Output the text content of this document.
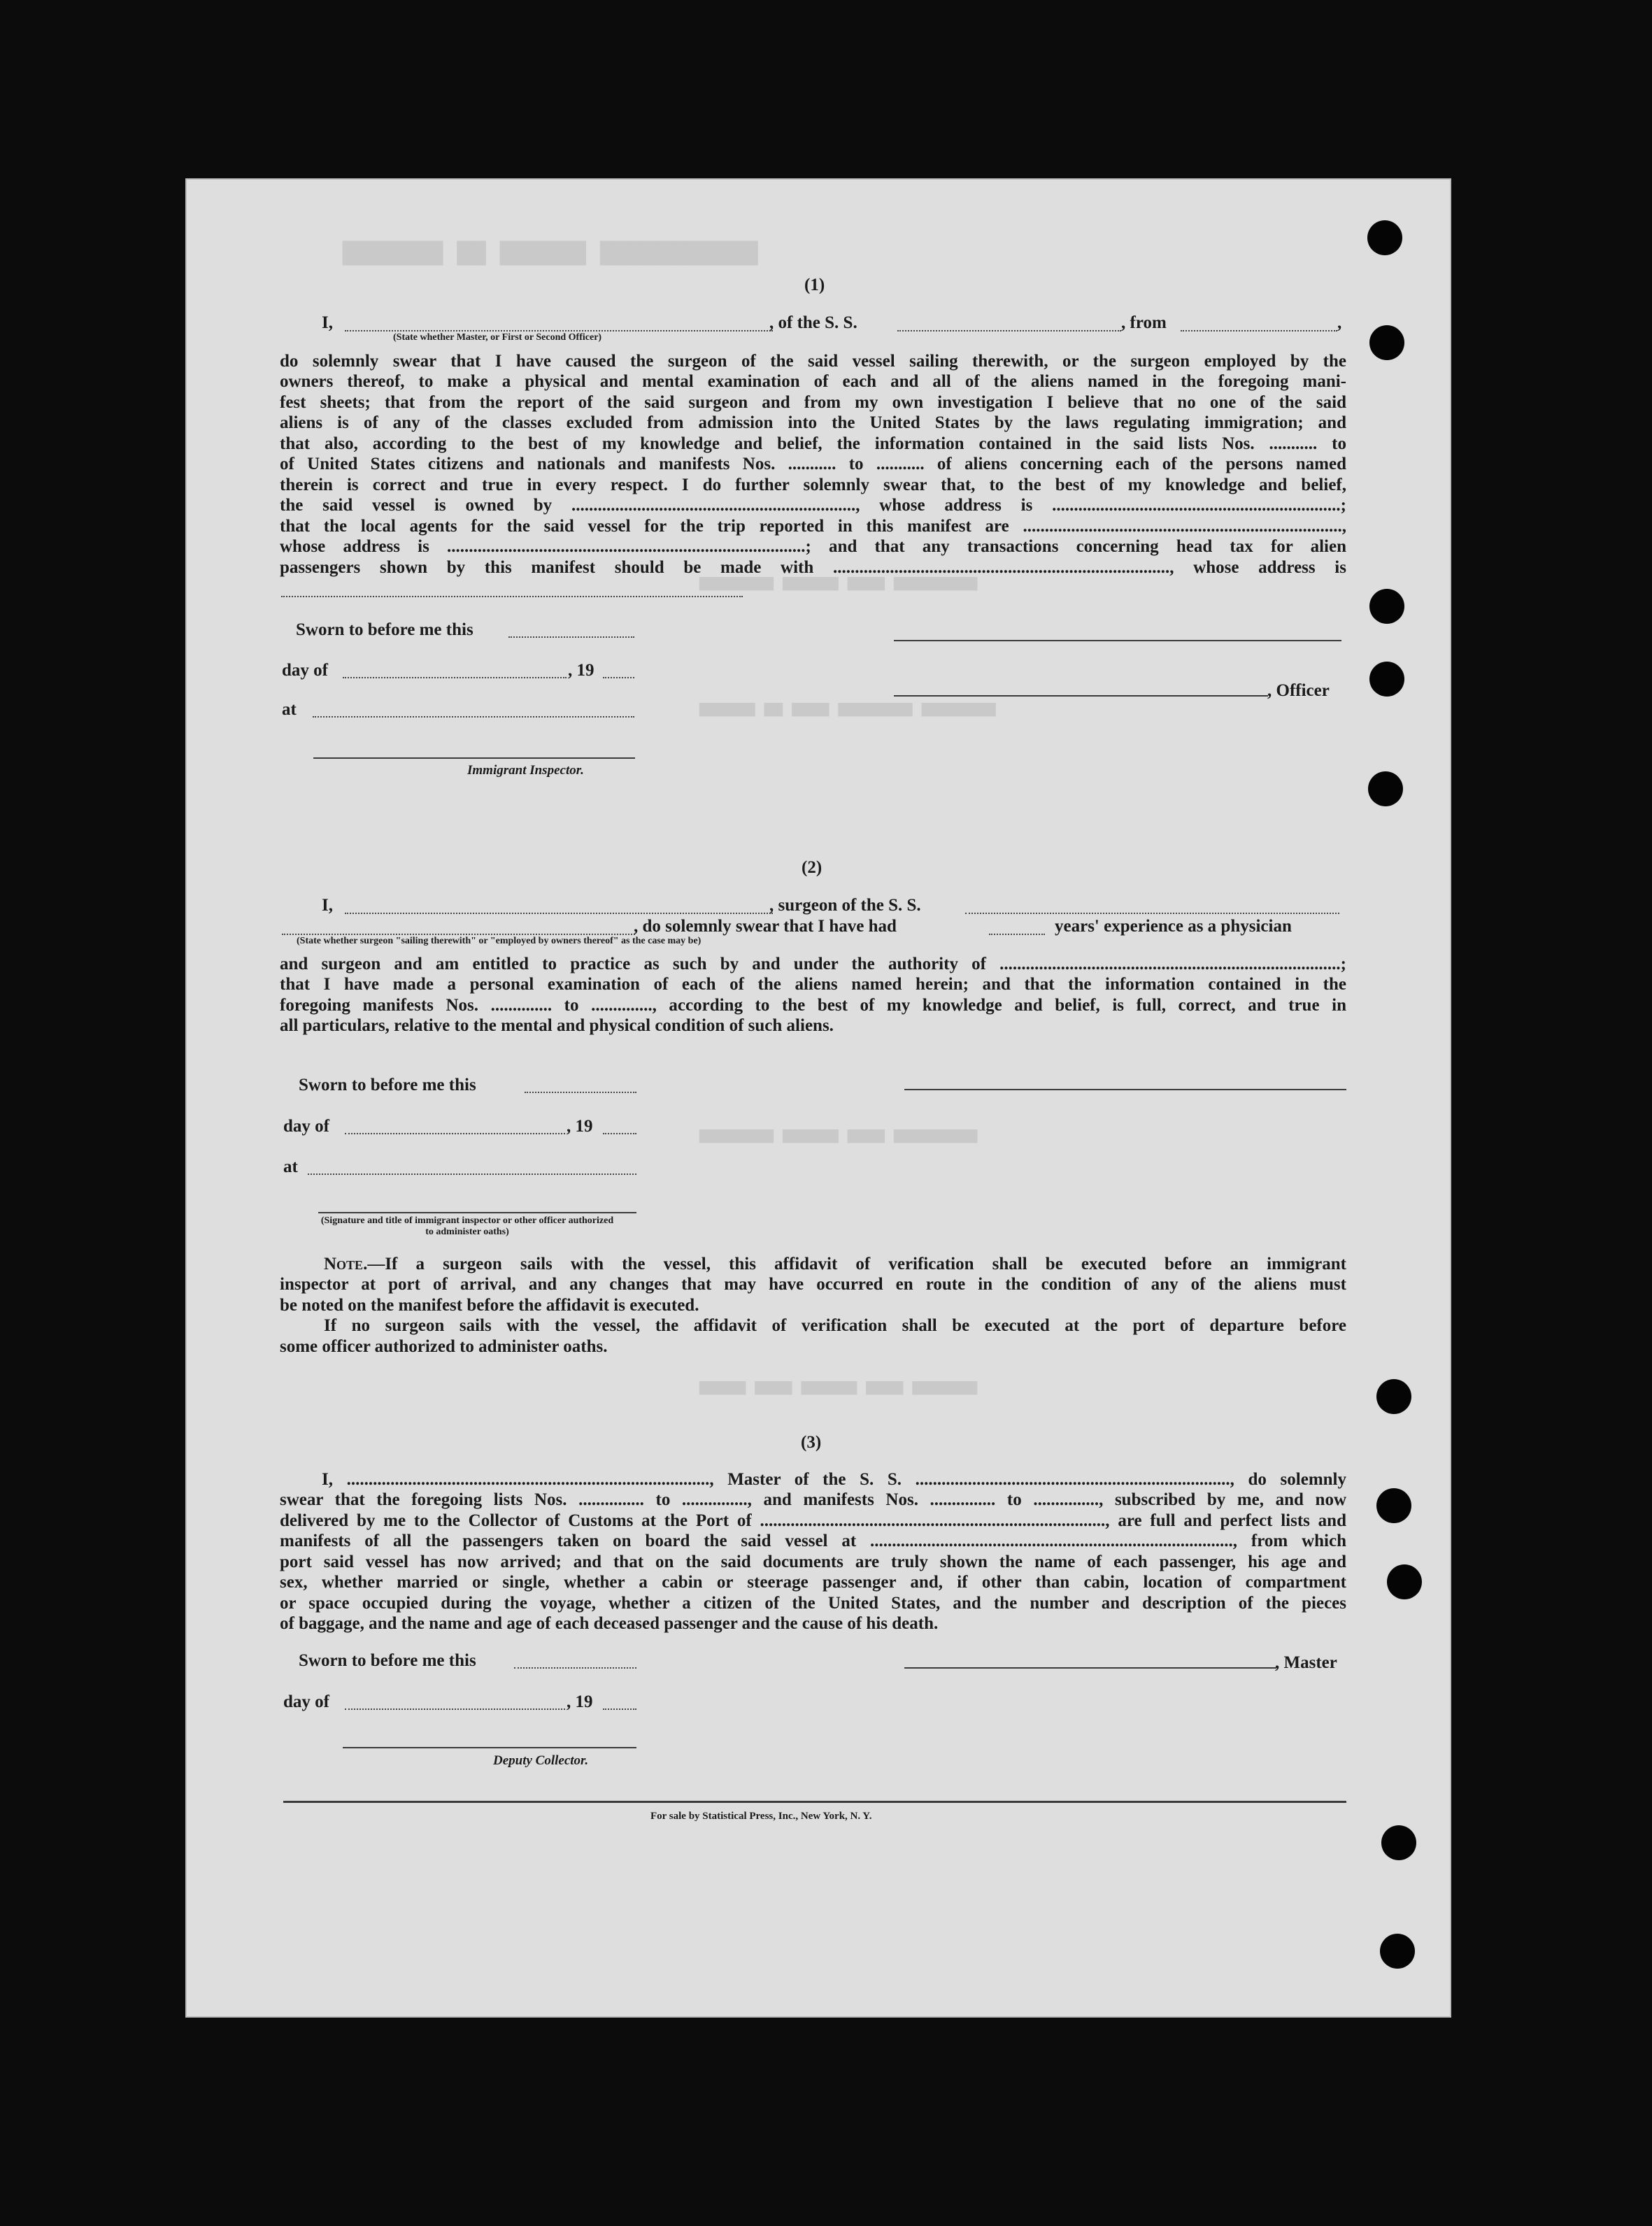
▇▇▇▇▇▇▇ ▇▇ ▇▇▇▇▇▇ ▇▇▇▇▇▇▇▇▇▇▇
▆▆▆▆▆▆▆▆ ▆▆▆▆▆▆ ▆▆▆▆ ▆▆▆▆▆▆▆▆▆
▆▆▆▆▆▆ ▆▆ ▆▆▆▆ ▆▆▆▆▆▆▆▆ ▆▆▆▆▆▆▆▆
▆▆▆▆▆▆▆▆ ▆▆▆▆▆▆ ▆▆▆▆ ▆▆▆▆▆▆▆▆▆
▆▆▆▆▆ ▆▆▆▆ ▆▆▆▆▆▆ ▆▆▆▆ ▆▆▆▆▆▆▆
(1)
I,	, of the S. S.	, from	,
(State whether Master, or First or Second Officer)
do solemnly swear that I have caused the surgeon of the said vessel sailing therewith, or the surgeon employed by the
owners thereof, to make a physical and mental examination of each and all of the aliens named in the foregoing mani-
fest sheets; that from the report of the said surgeon and from my own investigation I believe that no one of the said
aliens is of any of the classes excluded from admission into the United States by the laws regulating immigration; and
that also, according to the best of my knowledge and belief, the information contained in the said lists Nos. ........... to
of United States citizens and nationals and manifests Nos. ........... to ........... of aliens concerning each of the persons named
therein is correct and true in every respect. I do further solemnly swear that, to the best of my knowledge and belief,
the said vessel is owned by ................................................................., whose address is ..................................................................;
that the local agents for the said vessel for the trip reported in this manifest are .........................................................................,
whose address is ..................................................................................; and that any transactions concerning head tax for alien
passengers shown by this manifest should be made with ............................................................................., whose address is
Sworn to before me this
day of	, 19
at
Immigrant Inspector.
, Officer
(2)
I,	, surgeon of the S. S.
, do solemnly swear that I have had	years' experience as a physician
(State whether surgeon "sailing therewith" or "employed by owners thereof" as the case may be)
and surgeon and am entitled to practice as such by and under the authority of ..............................................................................;
that I have made a personal examination of each of the aliens named herein; and that the information contained in the
foregoing manifests Nos. .............. to .............., according to the best of my knowledge and belief, is full, correct, and true in
all particulars, relative to the mental and physical condition of such aliens.
Sworn to before me this
day of	, 19
at
(Signature and title of immigrant inspector or other officer authorized to administer oaths)
Note.—If a surgeon sails with the vessel, this affidavit of verification shall be executed before an immigrant
inspector at port of arrival, and any changes that may have occurred en route in the condition of any of the aliens must
be noted on the manifest before the affidavit is executed.
If no surgeon sails with the vessel, the affidavit of verification shall be executed at the port of departure before
some officer authorized to administer oaths.
(3)
I, ..................................................................................., Master of the S. S. ........................................................................, do solemnly
swear that the foregoing lists Nos. ............... to ..............., and manifests Nos. ............... to ..............., subscribed by me, and now
delivered by me to the Collector of Customs at the Port of ..............................................................................., are full and perfect lists and
manifests of all the passengers taken on board the said vessel at ..................................................................................., from which
port said vessel has now arrived; and that on the said documents are truly shown the name of each passenger, his age and
sex, whether married or single, whether a cabin or steerage passenger and, if other than cabin, location of compartment
or space occupied during the voyage, whether a citizen of the United States, and the number and description of the pieces
of baggage, and the name and age of each deceased passenger and the cause of his death.
Sworn to before me this
day of	, 19
Deputy Collector.
, Master
For sale by Statistical Press, Inc., New York, N. Y.
